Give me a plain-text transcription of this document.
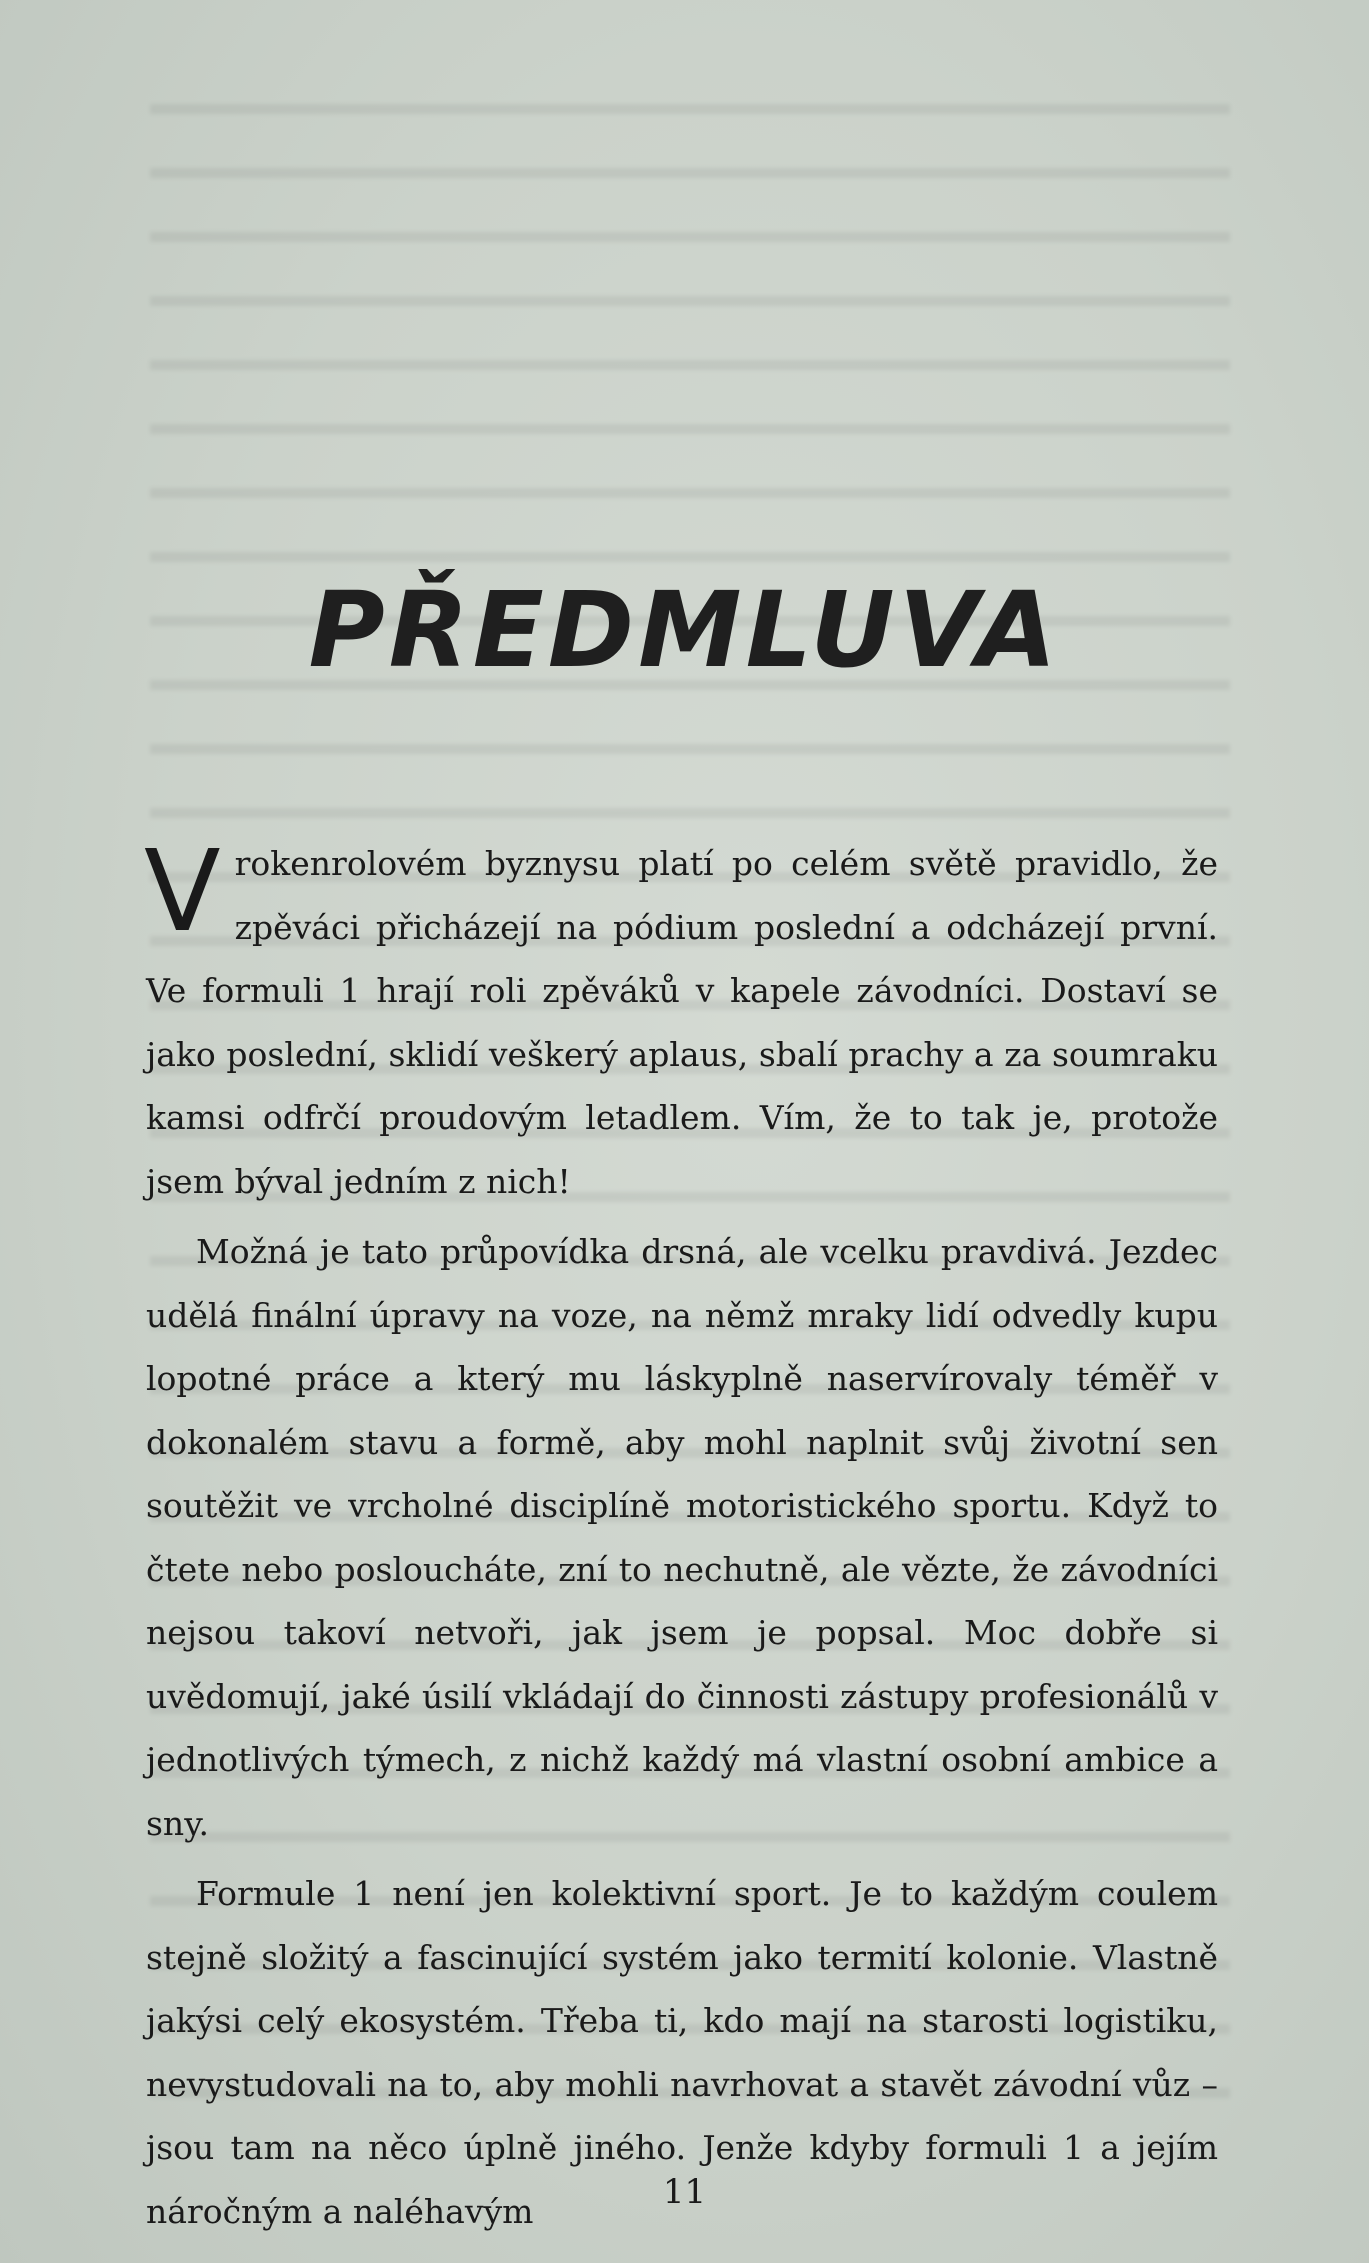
PŘEDMLUVA

Vrokenrolovém byznysu platí po celém světě pravidlo, že zpěváci přicházejí na pódium poslední a odcházejí první. Ve formuli 1 hrají roli zpěváků v kapele závodníci. Dostaví se jako poslední, sklidí veškerý aplaus, sbalí prachy a za soumraku kamsi odfrčí proudovým letadlem. Vím, že to tak je, protože jsem býval jedním z nich!

Možná je tato průpovídka drsná, ale vcelku pravdivá. Jezdec udělá finální úpravy na voze, na němž mraky lidí odvedly kupu lopotné práce a který mu láskyplně naservírovaly téměř v dokonalém stavu a formě, aby mohl naplnit svůj životní sen soutěžit ve vrcholné disciplíně motoristického sportu. Když to čtete nebo posloucháte, zní to nechutně, ale vězte, že závodníci nejsou takoví netvoři, jak jsem je popsal. Moc dobře si uvědomují, jaké úsilí vkládají do činnosti zástupy profesionálů v jednotlivých týmech, z nichž každý má vlastní osobní ambice a sny.

Formule 1 není jen kolektivní sport. Je to každým coulem stejně složitý a fascinující systém jako termití kolonie. Vlastně jakýsi celý ekosystém. Třeba ti, kdo mají na starosti logistiku, nevystudovali na to, aby mohli navrhovat a stavět závodní vůz – jsou tam na něco úplně jiného. Jenže kdyby formuli 1 a jejím náročným a naléhavým	11
